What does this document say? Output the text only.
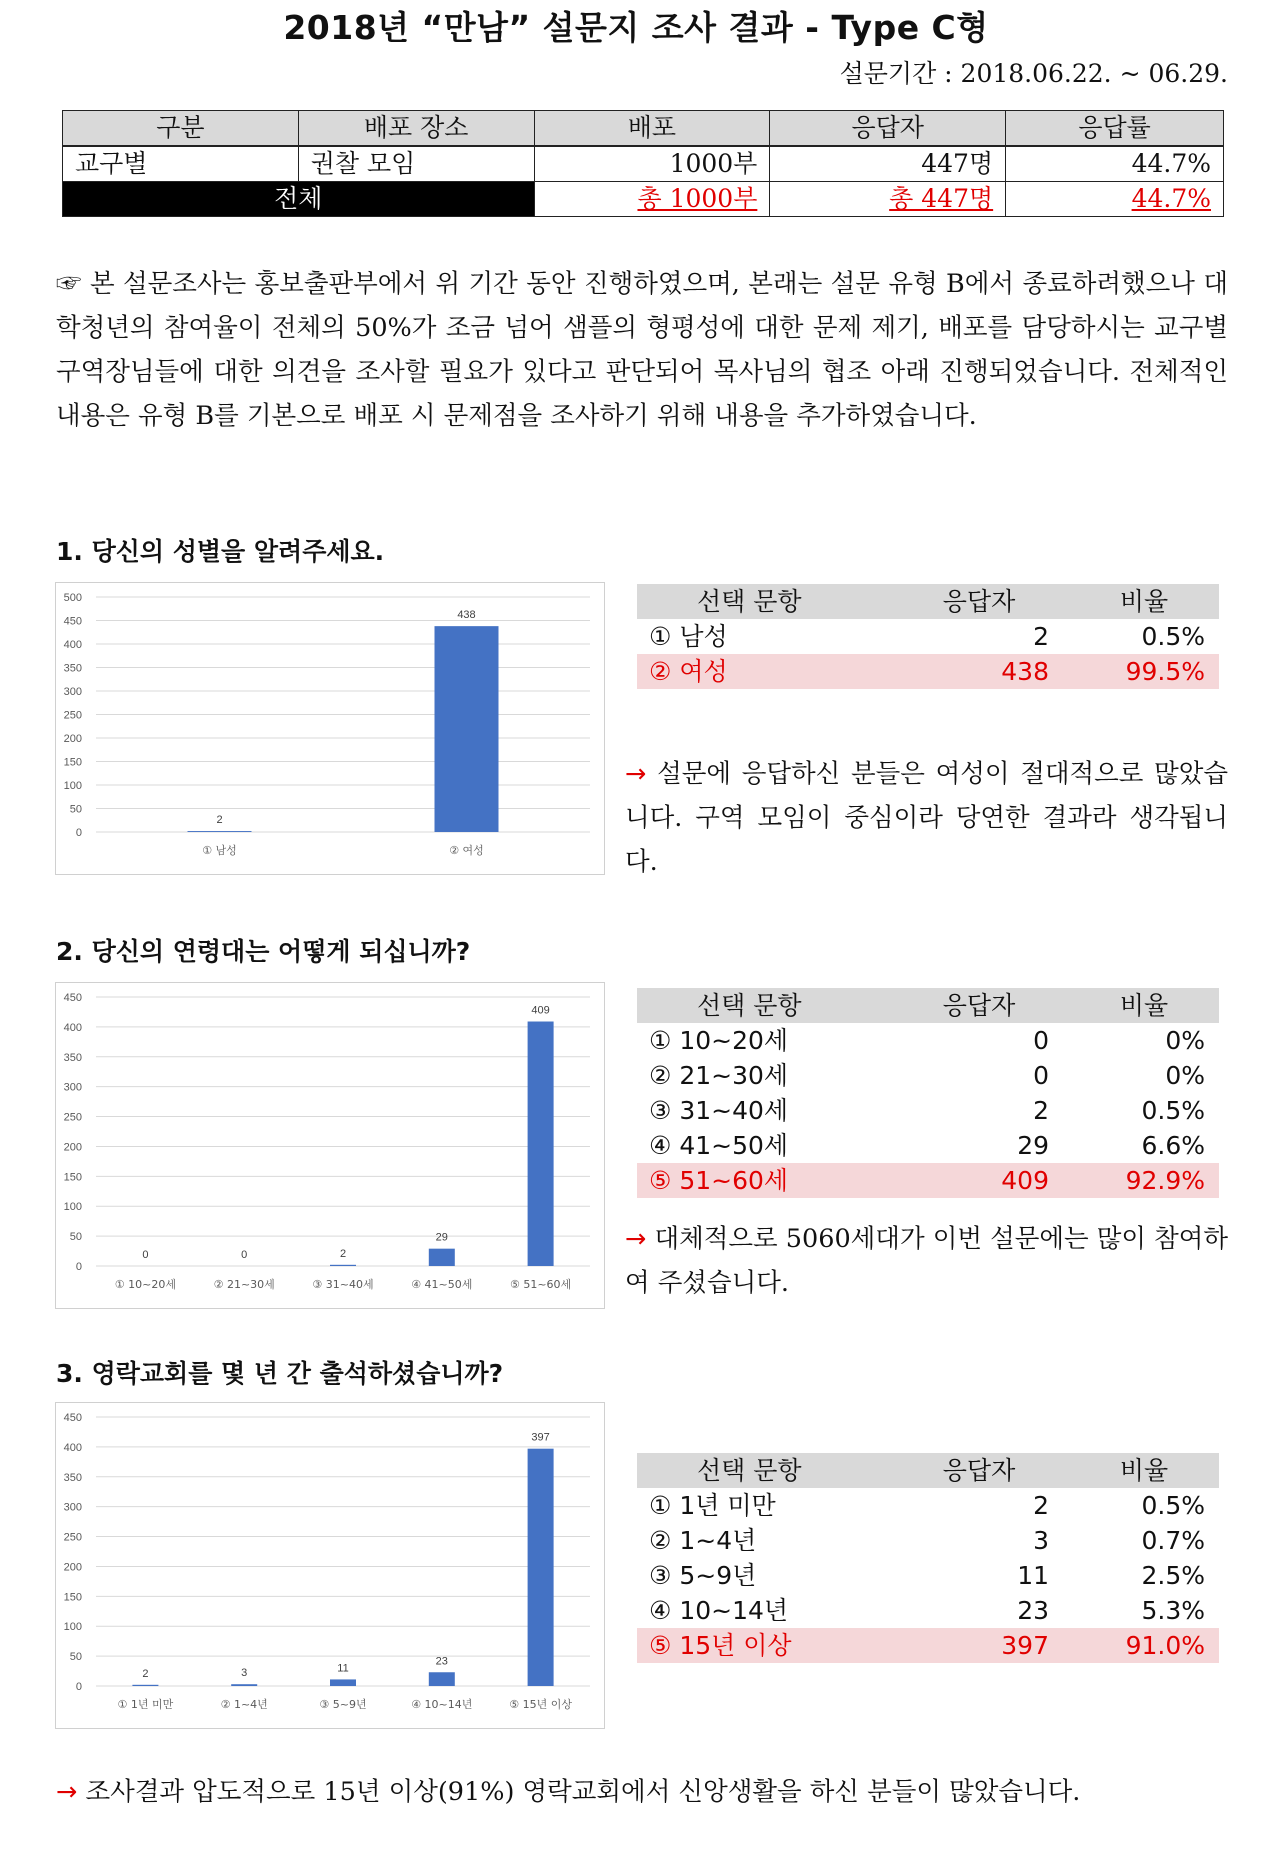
2018년 “만남” 설문지 조사 결과 - Type C형
설문기간 : 2018.06.22. ~ 06.29.
구분	배포 장소	배포	응답자	응답률
교구별	권찰 모임	1000부	447명	44.7%
전체		총 1000부	총 447명	44.7%
☞ 본 설문조사는 홍보출판부에서 위 기간 동안 진행하였으며, 본래는 설문 유형 B에서 종료하려했으나 대학청년의 참여율이 전체의 50%가 조금 넘어 샘플의 형평성에 대한 문제 제기, 배포를 담당하시는 교구별 구역장님들에 대한 의견을 조사할 필요가 있다고 판단되어 목사님의 협조 아래 진행되었습니다. 전체적인 내용은 유형 B를 기본으로 배포 시 문제점을 조사하기 위해 내용을 추가하였습니다.
1. 당신의 성별을 알려주세요.
0
50
100
150
200
250
300
350
400
450
500
2
① 남성
438
② 여성
선택 문항	응답자	비율
① 남성	2	0.5%
② 여성	438	99.5%
→ 설문에 응답하신 분들은 여성이 절대적으로 많았습니다. 구역 모임이 중심이라 당연한 결과라 생각됩니다.
2. 당신의 연령대는 어떻게 되십니까?
0
50
100
150
200
250
300
350
400
450
0
① 10~20세
0
② 21~30세
2
③ 31~40세
29
④ 41~50세
409
⑤ 51~60세
선택 문항	응답자	비율
① 10~20세	0	0%
② 21~30세	0	0%
③ 31~40세	2	0.5%
④ 41~50세	29	6.6%
⑤ 51~60세	409	92.9%
→ 대체적으로 5060세대가 이번 설문에는 많이 참여하여 주셨습니다.
3. 영락교회를 몇 년 간 출석하셨습니까?
0
50
100
150
200
250
300
350
400
450
2
① 1년 미만
3
② 1~4년
11
③ 5~9년
23
④ 10~14년
397
⑤ 15년 이상
선택 문항	응답자	비율
① 1년 미만	2	0.5%
② 1~4년	3	0.7%
③ 5~9년	11	2.5%
④ 10~14년	23	5.3%
⑤ 15년 이상	397	91.0%
→ 조사결과 압도적으로 15년 이상(91%) 영락교회에서 신앙생활을 하신 분들이 많았습니다.
